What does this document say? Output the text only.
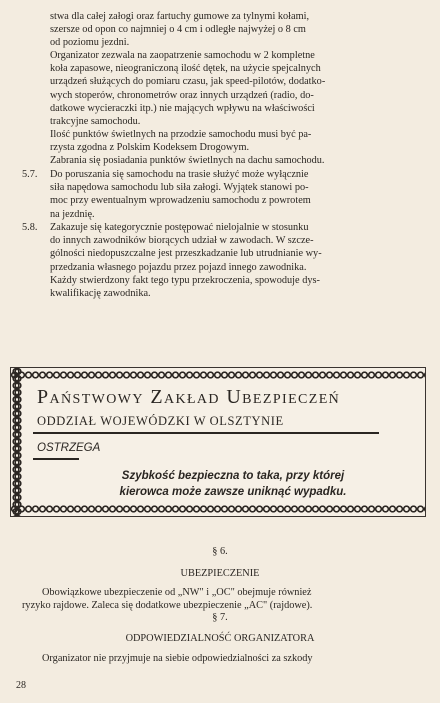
stwa dla całej załogi oraz fartuchy gumowe za tylnymi kołami,
szersze od opon co najmniej o 4 cm i odległe najwyżej o 8 cm
od poziomu jezdni.
Organizator zezwala na zaopatrzenie samochodu w 2 kompletne
koła zapasowe, nieograniczoną ilość dętek, na użycie spejcalnych
urządzeń służących do pomiaru czasu, jak speed-pilotów, dodatko-
wych stoperów, chronometrów oraz innych urządzeń (radio, do-
datkowe wycieraczki itp.) nie mających wpływu na właściwości
trakcyjne samochodu.
Ilość punktów świetlnych na przodzie samochodu musi być pa-
rzysta zgodna z Polskim Kodeksem Drogowym.
Zabrania się posiadania punktów świetlnych na dachu samochodu.
5.7. Do poruszania się samochodu na trasie służyć może wyłącznie
siła napędowa samochodu lub siła załogi. Wyjątek stanowi po-
moc przy ewentualnym wprowadzeniu samochodu z powrotem
na jezdnię.
5.8. Zakazuje się kategorycznie postępować nielojalnie w stosunku
do innych zawodników biorących udział w zawodach. W szcze-
gólności niedopuszczalne jest przeszkadzanie lub utrudnianie wy-
przedzania własnego pojazdu przez pojazd innego zawodnika.
Każdy stwierdzony fakt tego typu przekroczenia, spowoduje dys-
kwalifikację zawodnika.
Państwowy Zakład Ubezpieczeń
ODDZIAŁ WOJEWÓDZKI W OLSZTYNIE
OSTRZEGA
Szybkość bezpieczna to taka, przy której
kierowca może zawsze uniknąć wypadku.
§ 6.
UBEZPIECZENIE
Obowiązkowe ubezpieczenie od „NW" i „OC" obejmuje również
ryzyko rajdowe. Zaleca się dodatkowe ubezpieczenie „AC" (rajdowe).
§ 7.
ODPOWIEDZIALNOŚĆ ORGANIZATORA
Organizator nie przyjmuje na siebie odpowiedzialności za szkody
28
